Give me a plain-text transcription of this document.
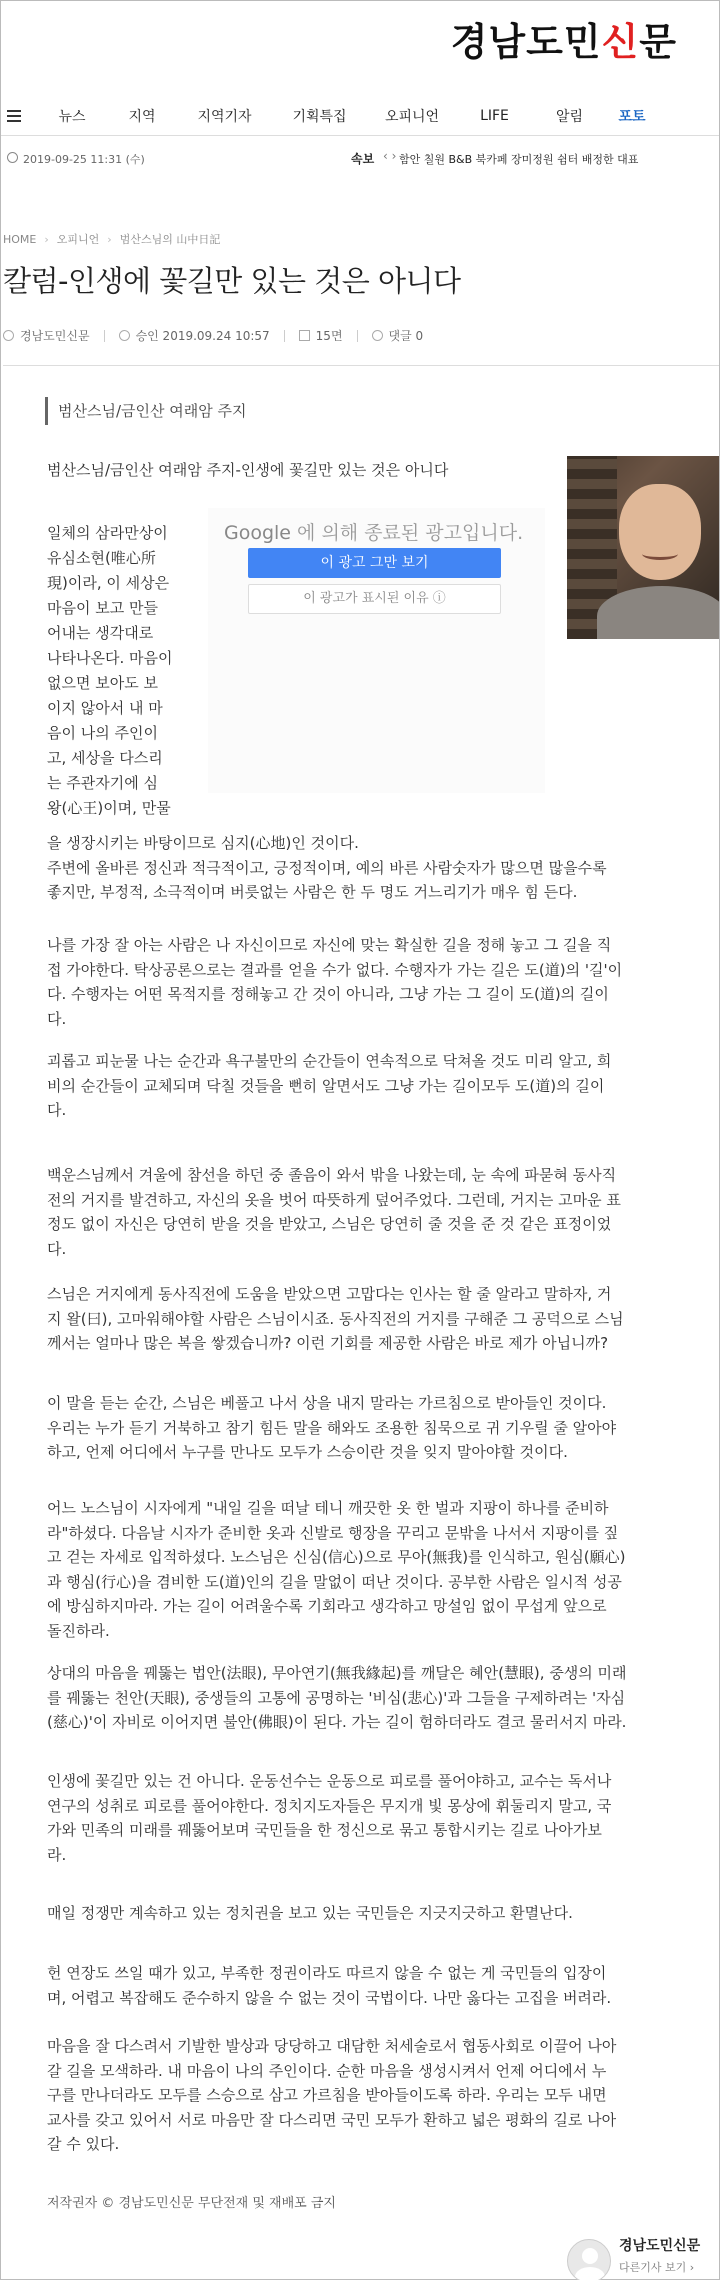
경남도민신문
뉴스	지역	지역기자	기획특집	오피니언	LIFE	알림	포토
2019-09-25 11:31 (수)	속보 ‹ › 함안 칠원 B&B 북카페 장미정원 쉼터 배정한 대표
HOME › 오피니언 › 범산스님의 山中日記
칼럼-인생에 꽃길만 있는 것은 아니다
경남도민신문	승인 2019.09.24 10:57	15면	댓글 0
범산스님/금인산 여래암 주지
범산스님/금인산 여래암 주지-인생에 꽃길만 있는 것은 아니다
일체의 삼라만상이
유심소현(唯心所
現)이라, 이 세상은
마음이 보고 만들
어내는 생각대로
나타나온다. 마음이
없으면 보아도 보
이지 않아서 내 마
음이 나의 주인이
고, 세상을 다스리
는 주관자기에 심
왕(心王)이며, 만물
Google 에 의해 종료된 광고입니다.
이 광고 그만 보기
이 광고가 표시된 이유 ⓘ
을 생장시키는 바탕이므로 심지(心地)인 것이다.
주변에 올바른 정신과 적극적이고, 긍정적이며, 예의 바른 사람숫자가 많으면 많을수록
좋지만, 부정적, 소극적이며 버릇없는 사람은 한 두 명도 거느리기가 매우 힘 든다.
나를 가장 잘 아는 사람은 나 자신이므로 자신에 맞는 확실한 길을 정해 놓고 그 길을 직
접 가야한다. 탁상공론으로는 결과를 얻을 수가 없다. 수행자가 가는 길은 도(道)의 '길'이
다. 수행자는 어떤 목적지를 정해놓고 간 것이 아니라, 그냥 가는 그 길이 도(道)의 길이
다.
괴롭고 피눈물 나는 순간과 욕구불만의 순간들이 연속적으로 닥쳐올 것도 미리 알고, 희
비의 순간들이 교체되며 닥칠 것들을 뻔히 알면서도 그냥 가는 길이모두 도(道)의 길이
다.
백운스님께서 겨울에 참선을 하던 중 졸음이 와서 밖을 나왔는데, 눈 속에 파묻혀 동사직
전의 거지를 발견하고, 자신의 옷을 벗어 따뜻하게 덮어주었다. 그런데, 거지는 고마운 표
정도 없이 자신은 당연히 받을 것을 받았고, 스님은 당연히 줄 것을 준 것 같은 표정이었
다.
스님은 거지에게 동사직전에 도움을 받았으면 고맙다는 인사는 할 줄 알라고 말하자, 거
지 왈(曰), 고마워해야할 사람은 스님이시죠. 동사직전의 거지를 구해준 그 공덕으로 스님
께서는 얼마나 많은 복을 쌓겠습니까? 이런 기회를 제공한 사람은 바로 제가 아닙니까?
이 말을 듣는 순간, 스님은 베풀고 나서 상을 내지 말라는 가르침으로 받아들인 것이다.
우리는 누가 듣기 거북하고 참기 힘든 말을 해와도 조용한 침묵으로 귀 기우릴 줄 알아야
하고, 언제 어디에서 누구를 만나도 모두가 스승이란 것을 잊지 말아야할 것이다.
어느 노스님이 시자에게 "내일 길을 떠날 테니 깨끗한 옷 한 벌과 지팡이 하나를 준비하
라"하셨다. 다음날 시자가 준비한 옷과 신발로 행장을 꾸리고 문밖을 나서서 지팡이를 짚
고 걷는 자세로 입적하셨다. 노스님은 신심(信心)으로 무아(無我)를 인식하고, 원심(願心)
과 행심(行心)을 겸비한 도(道)인의 길을 말없이 떠난 것이다. 공부한 사람은 일시적 성공
에 방심하지마라. 가는 길이 어려울수록 기회라고 생각하고 망설임 없이 무섭게 앞으로
돌진하라.
상대의 마음을 꿰뚫는 법안(法眼), 무아연기(無我緣起)를 깨달은 혜안(慧眼), 중생의 미래
를 꿰뚫는 천안(天眼), 중생들의 고통에 공명하는 '비심(悲心)'과 그들을 구제하려는 '자심
(慈心)'이 자비로 이어지면 불안(佛眼)이 된다. 가는 길이 험하더라도 결코 물러서지 마라.
인생에 꽃길만 있는 건 아니다. 운동선수는 운동으로 피로를 풀어야하고, 교수는 독서나
연구의 성취로 피로를 풀어야한다. 정치지도자들은 무지개 빛 몽상에 휘둘리지 말고, 국
가와 민족의 미래를 꿰뚫어보며 국민들을 한 정신으로 묶고 통합시키는 길로 나아가보
라.
매일 정쟁만 계속하고 있는 정치권을 보고 있는 국민들은 지긋지긋하고 환멸난다.
헌 연장도 쓰일 때가 있고, 부족한 정권이라도 따르지 않을 수 없는 게 국민들의 입장이
며, 어렵고 복잡해도 준수하지 않을 수 없는 것이 국법이다. 나만 옳다는 고집을 버려라.
마음을 잘 다스려서 기발한 발상과 당당하고 대담한 처세술로서 협동사회로 이끌어 나아
갈 길을 모색하라. 내 마음이 나의 주인이다. 순한 마음을 생성시켜서 언제 어디에서 누
구를 만나더라도 모두를 스승으로 삼고 가르침을 받아들이도록 하라. 우리는 모두 내면
교사를 갖고 있어서 서로 마음만 잘 다스리면 국민 모두가 환하고 넓은 평화의 길로 나아
갈 수 있다.
저작권자 © 경남도민신문 무단전재 및 재배포 금지
경남도민신문
다른기사 보기 ›
